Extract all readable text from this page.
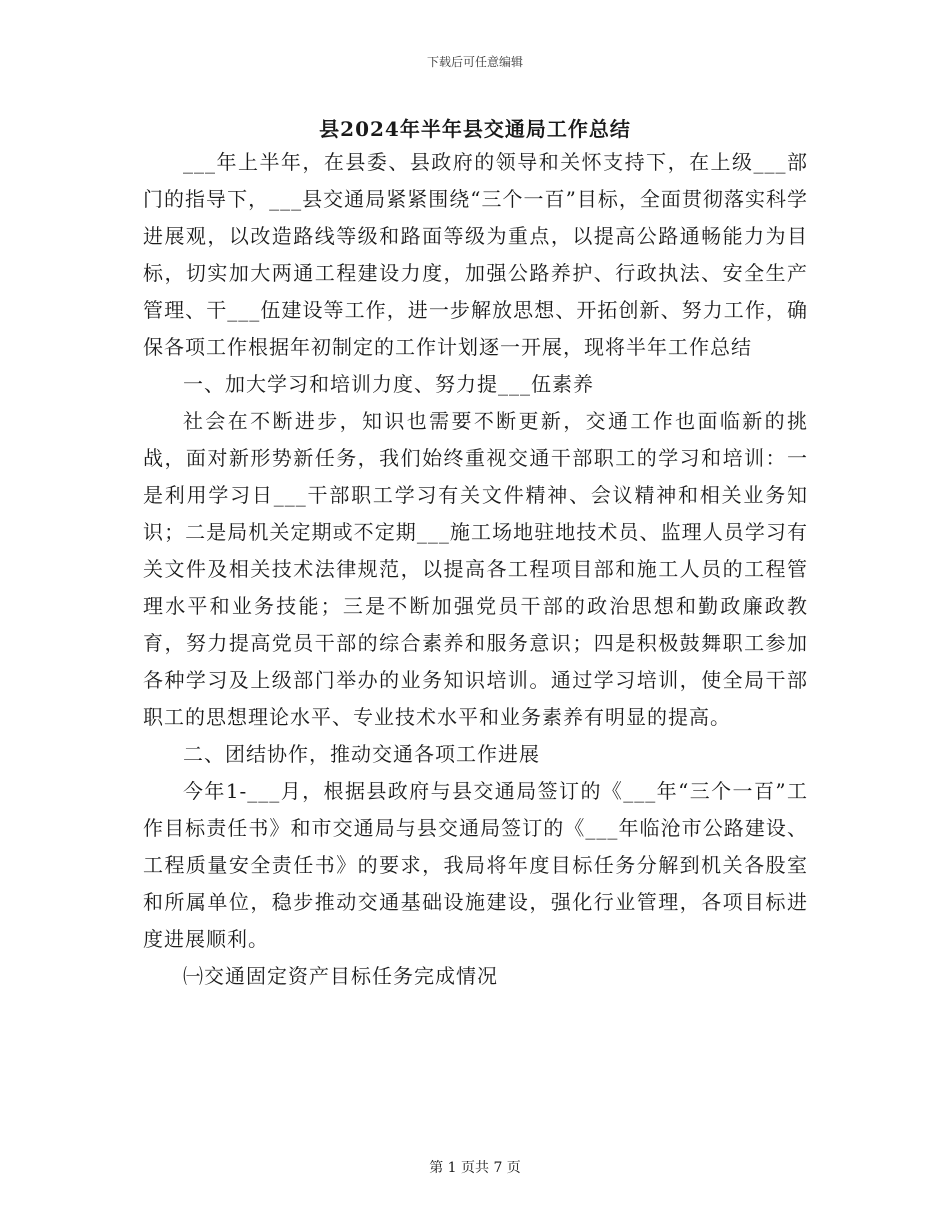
下载后可任意编辑
县2024年半年县交通局工作总结

___年上半年，在县委、县政府的领导和关怀支持下，在上级___部门的指导下，___县交通局紧紧围绕“三个一百”目标，全面贯彻落实科学进展观，以改造路线等级和路面等级为重点，以提高公路通畅能力为目标，切实加大两通工程建设力度，加强公路养护、行政执法、安全生产管理、干___伍建设等工作，进一步解放思想、开拓创新、努力工作，确保各项工作根据年初制定的工作计划逐一开展，现将半年工作总结

一、加大学习和培训力度、努力提___伍素养

社会在不断进步，知识也需要不断更新，交通工作也面临新的挑战，面对新形势新任务，我们始终重视交通干部职工的学习和培训：一是利用学习日___干部职工学习有关文件精神、会议精神和相关业务知识；二是局机关定期或不定期___施工场地驻地技术员、监理人员学习有关文件及相关技术法律规范，以提高各工程项目部和施工人员的工程管理水平和业务技能；三是不断加强党员干部的政治思想和勤政廉政教育，努力提高党员干部的综合素养和服务意识；四是积极鼓舞职工参加各种学习及上级部门举办的业务知识培训。通过学习培训，使全局干部职工的思想理论水平、专业技术水平和业务素养有明显的提高。

二、团结协作，推动交通各项工作进展

今年1-___月，根据县政府与县交通局签订的《___年“三个一百”工作目标责任书》和市交通局与县交通局签订的《___年临沧市公路建设、工程质量安全责任书》的要求，我局将年度目标任务分解到机关各股室和所属单位，稳步推动交通基础设施建设，强化行业管理，各项目标进度进展顺利。

㈠交通固定资产目标任务完成情况

第 1 页共 7 页
